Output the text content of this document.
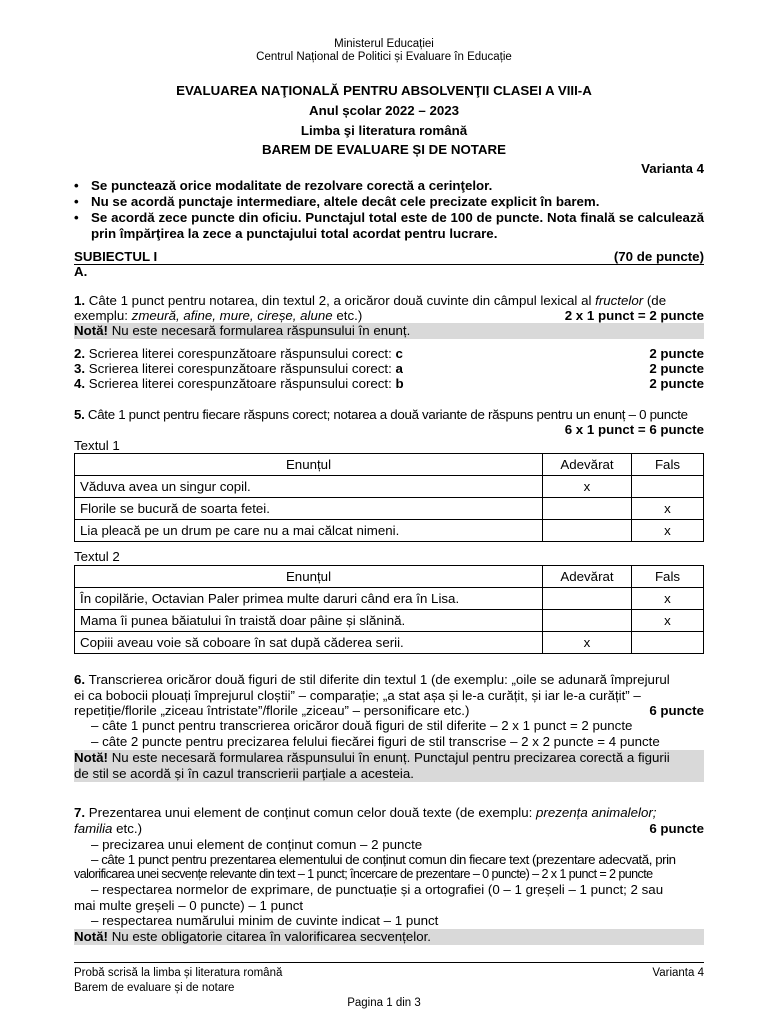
Ministerul Educației
Centrul Național de Politici și Evaluare în Educație
EVALUAREA NAŢIONALĂ PENTRU ABSOLVENŢII CLASEI A VIII-A
Anul școlar 2022 – 2023
Limba şi literatura română
BAREM DE EVALUARE ȘI DE NOTARE
Varianta 4
• Se punctează orice modalitate de rezolvare corectă a cerinţelor.
• Nu se acordă punctaje intermediare, altele decât cele precizate explicit în barem.
• Se acordă zece puncte din oficiu. Punctajul total este de 100 de puncte. Nota finală se calculează prin împărţirea la zece a punctajului total acordat pentru lucrare.
SUBIECTUL I	(70 de puncte)
A.
1. Câte 1 punct pentru notarea, din textul 2, a oricăror două cuvinte din câmpul lexical al fructelor (de
exemplu: zmeură, afine, mure, cireșe, alune etc.)	2 x 1 punct = 2 puncte
Notă! Nu este necesară formularea răspunsului în enunț.
2. Scrierea literei corespunzătoare răspunsului corect: c	2 puncte
3. Scrierea literei corespunzătoare răspunsului corect: a	2 puncte
4. Scrierea literei corespunzătoare răspunsului corect: b	2 puncte
5. Câte 1 punct pentru fiecare răspuns corect; notarea a două variante de răspuns pentru un enunț – 0 puncte
6 x 1 punct = 6 puncte
Textul 1
Enunțul	Adevărat	Fals
Văduva avea un singur copil.	x	
Florile se bucură de soarta fetei.		x
Lia pleacă pe un drum pe care nu a mai călcat nimeni.		x
Textul 2
Enunțul	Adevărat	Fals
În copilărie, Octavian Paler primea multe daruri când era în Lisa.		x
Mama îi punea băiatului în traistă doar pâine și slănină.		x
Copiii aveau voie să coboare în sat după căderea serii.	x	
6. Transcrierea oricăror două figuri de stil diferite din textul 1 (de exemplu: „oile se adunară împrejurul
ei ca bobocii plouați împrejurul cloștii” – comparație; „a stat așa și le-a curățit, și iar le-a curățit” –
repetiție/florile „ziceau întristate”/florile „ziceau” – personificare etc.)	6 puncte
– câte 1 punct pentru transcrierea oricăror două figuri de stil diferite – 2 x 1 punct = 2 puncte
– câte 2 puncte pentru precizarea felului fiecărei figuri de stil transcrise – 2 x 2 puncte = 4 puncte
Notă! Nu este necesară formularea răspunsului în enunț. Punctajul pentru precizarea corectă a figurii
de stil se acordă și în cazul transcrierii parțiale a acesteia.
7. Prezentarea unui element de conținut comun celor două texte (de exemplu: prezența animalelor;
familia etc.)	6 puncte
– precizarea unui element de conținut comun – 2 puncte
– câte 1 punct pentru prezentarea elementului de conținut comun din fiecare text (prezentare adecvată, prin
valorificarea unei secvențe relevante din text – 1 punct; încercare de prezentare – 0 puncte) – 2 x 1 punct = 2 puncte
– respectarea normelor de exprimare, de punctuație și a ortografiei (0 – 1 greșeli – 1 punct; 2 sau
mai multe greșeli – 0 puncte) – 1 punct
– respectarea numărului minim de cuvinte indicat – 1 punct
Notă! Nu este obligatorie citarea în valorificarea secvențelor.
Probă scrisă la limba și literatura română	Varianta 4
Barem de evaluare și de notare
Pagina 1 din 3
